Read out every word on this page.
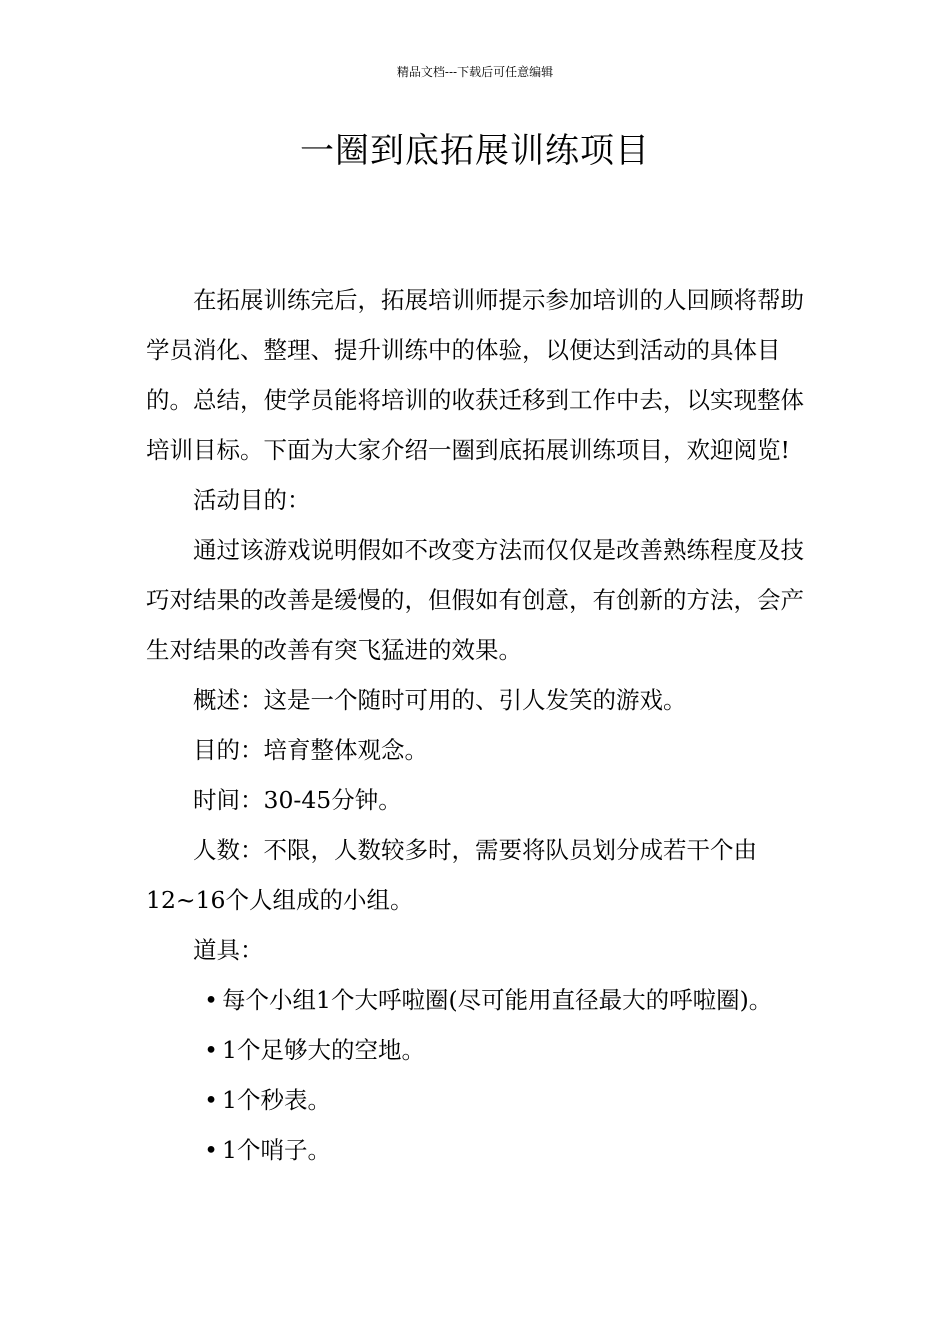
精品文档---下载后可任意编辑
一圈到底拓展训练项目

在拓展训练完后，拓展培训师提示参加培训的人回顾将帮助学员消化、整理、提升训练中的体验，以便达到活动的具体目的。总结，使学员能将培训的收获迁移到工作中去，以实现整体培训目标。下面为大家介绍一圈到底拓展训练项目，欢迎阅览!

活动目的：

通过该游戏说明假如不改变方法而仅仅是改善熟练程度及技巧对结果的改善是缓慢的，但假如有创意，有创新的方法，会产生对结果的改善有突飞猛进的效果。

概述：这是一个随时可用的、引人发笑的游戏。

目的：培育整体观念。

时间：30-45分钟。

人数：不限，人数较多时，需要将队员划分成若干个由12~16个人组成的小组。

道具：

• 每个小组1个大呼啦圈(尽可能用直径最大的呼啦圈)。
• 1个足够大的空地。
• 1个秒表。
• 1个哨子。
